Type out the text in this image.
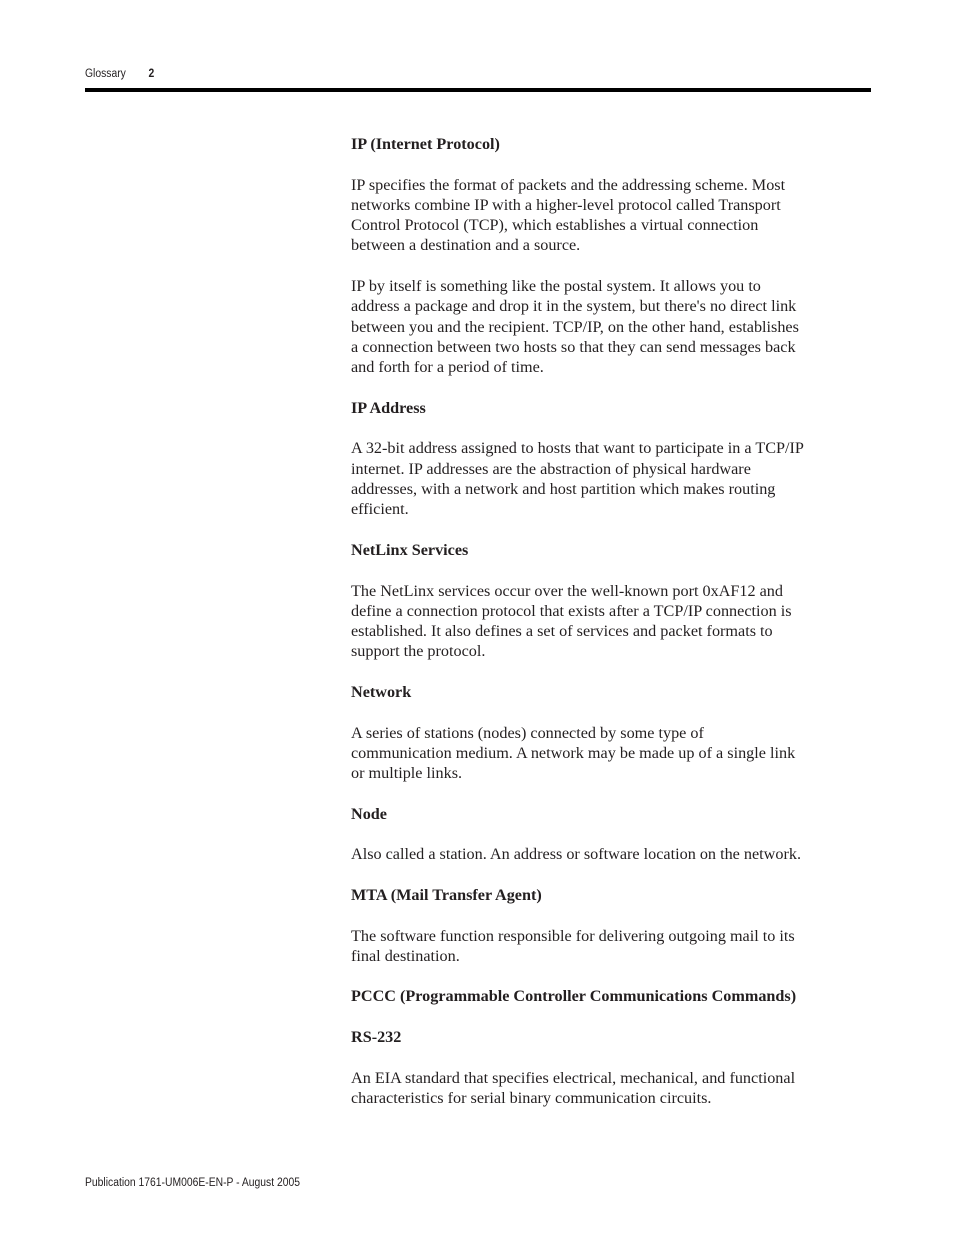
Glossary 2
IP (Internet Protocol)
IP specifies the format of packets and the addressing scheme. Most
networks combine IP with a higher-level protocol called Transport
Control Protocol (TCP), which establishes a virtual connection
between a destination and a source.
IP by itself is something like the postal system. It allows you to
address a package and drop it in the system, but there's no direct link
between you and the recipient. TCP/IP, on the other hand, establishes
a connection between two hosts so that they can send messages back
and forth for a period of time.
IP Address
A 32-bit address assigned to hosts that want to participate in a TCP/IP
internet. IP addresses are the abstraction of physical hardware
addresses, with a network and host partition which makes routing
efficient.
NetLinx Services
The NetLinx services occur over the well-known port 0xAF12 and
define a connection protocol that exists after a TCP/IP connection is
established. It also defines a set of services and packet formats to
support the protocol.
Network
A series of stations (nodes) connected by some type of
communication medium. A network may be made up of a single link
or multiple links.
Node
Also called a station. An address or software location on the network.
MTA (Mail Transfer Agent)
The software function responsible for delivering outgoing mail to its
final destination.
PCCC (Programmable Controller Communications Commands)
RS-232
An EIA standard that specifies electrical, mechanical, and functional
characteristics for serial binary communication circuits.
Publication 1761-UM006E-EN-P - August 2005
